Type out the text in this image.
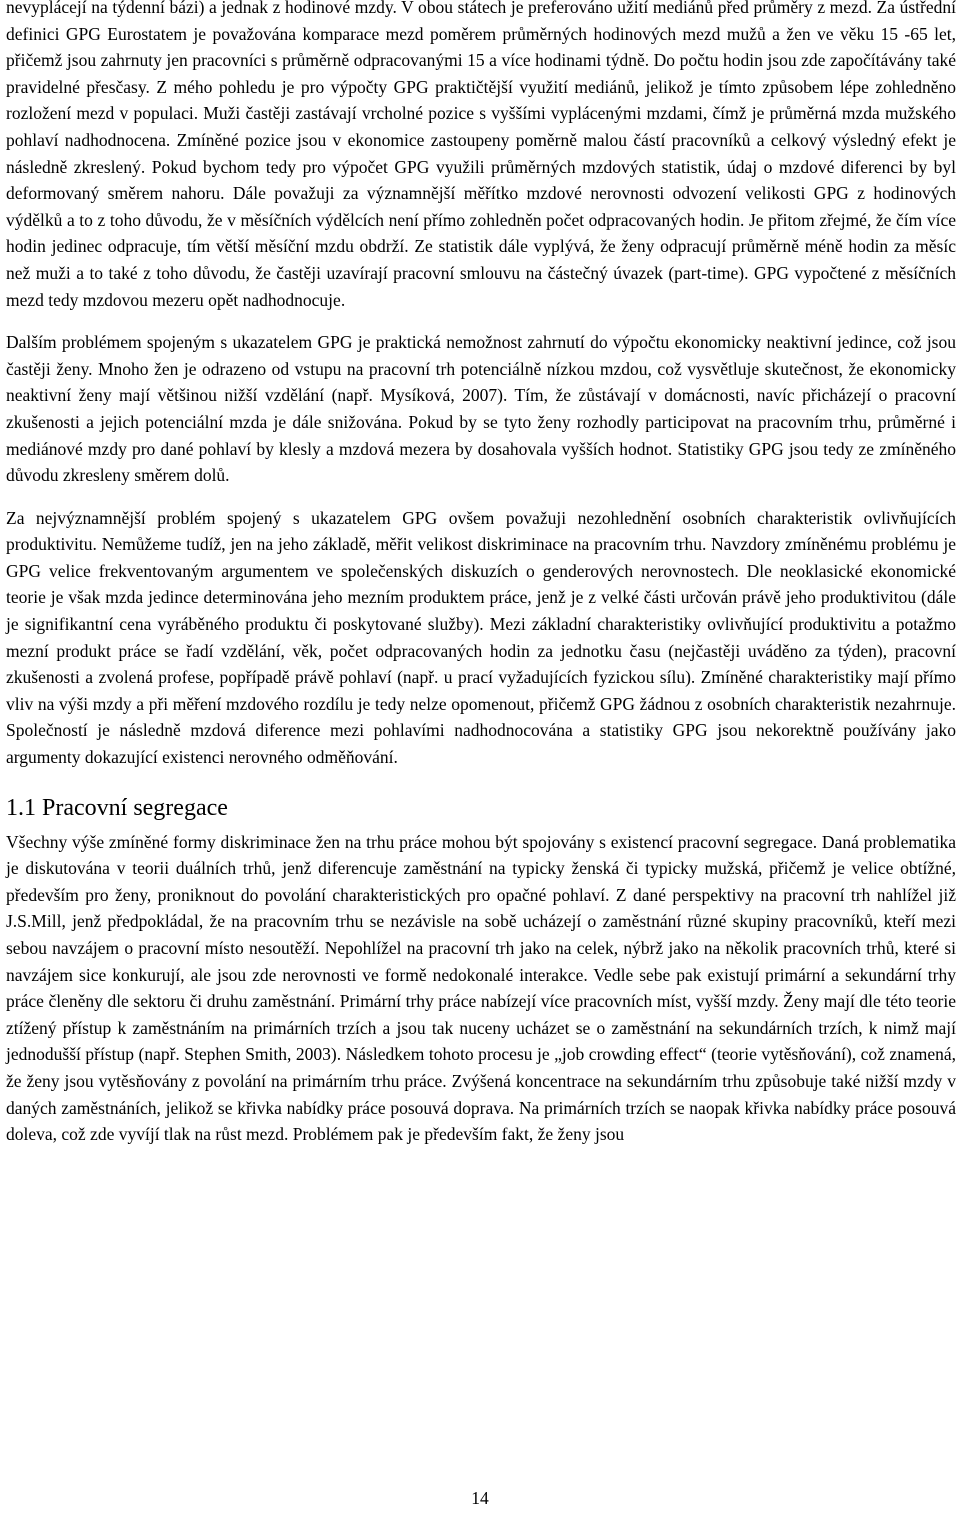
nevyplácejí na týdenní bázi) a jednak z hodinové mzdy. V obou státech je preferováno užití mediánů před průměry z mezd. Za ústřední definici GPG Eurostatem je považována komparace mezd poměrem průměrných hodinových mezd mužů a žen ve věku 15 -65 let, přičemž jsou zahrnuty jen pracovníci s průměrně odpracovanými 15 a více hodinami týdně. Do počtu hodin jsou zde započítávány také pravidelné přesčasy. Z mého pohledu je pro výpočty GPG praktičtější využití mediánů, jelikož je tímto způsobem lépe zohledněno rozložení mezd v populaci. Muži častěji zastávají vrcholné pozice s vyššími vyplácenými mzdami, čímž je průměrná mzda mužského pohlaví nadhodnocena. Zmíněné pozice jsou v ekonomice zastoupeny poměrně malou částí pracovníků a celkový výsledný efekt je následně zkreslený. Pokud bychom tedy pro výpočet GPG využili průměrných mzdových statistik, údaj o mzdové diferenci by byl deformovaný směrem nahoru. Dále považuji za významnější měřítko mzdové nerovnosti odvození velikosti GPG z hodinových výdělků a to z toho důvodu, že v měsíčních výdělcích není přímo zohledněn počet odpracovaných hodin. Je přitom zřejmé, že čím více hodin jedinec odpracuje, tím větší měsíční mzdu obdrží. Ze statistik dále vyplývá, že ženy odpracují průměrně méně hodin za měsíc než muži a to také z toho důvodu, že častěji uzavírají pracovní smlouvu na částečný úvazek (part-time). GPG vypočtené z měsíčních mezd tedy mzdovou mezeru opět nadhodnocuje.

Dalším problémem spojeným s ukazatelem GPG je praktická nemožnost zahrnutí do výpočtu ekonomicky neaktivní jedince, což jsou častěji ženy. Mnoho žen je odrazeno od vstupu na pracovní trh potenciálně nízkou mzdou, což vysvětluje skutečnost, že ekonomicky neaktivní ženy mají většinou nižší vzdělání (např. Mysíková, 2007). Tím, že zůstávají v domácnosti, navíc přicházejí o pracovní zkušenosti a jejich potenciální mzda je dále snižována. Pokud by se tyto ženy rozhodly participovat na pracovním trhu, průměrné i mediánové mzdy pro dané pohlaví by klesly a mzdová mezera by dosahovala vyšších hodnot. Statistiky GPG jsou tedy ze zmíněného důvodu zkresleny směrem dolů.

Za nejvýznamnější problém spojený s ukazatelem GPG ovšem považuji nezohlednění osobních charakteristik ovlivňujících produktivitu. Nemůžeme tudíž, jen na jeho základě, měřit velikost diskriminace na pracovním trhu. Navzdory zmíněnému problému je GPG velice frekventovaným argumentem ve společenských diskuzích o genderových nerovnostech. Dle neoklasické ekonomické teorie je však mzda jedince determinována jeho mezním produktem práce, jenž je z velké části určován právě jeho produktivitou (dále je signifikantní cena vyráběného produktu či poskytované služby). Mezi základní charakteristiky ovlivňující produktivitu a potažmo mezní produkt práce se řadí vzdělání, věk, počet odpracovaných hodin za jednotku času (nejčastěji uváděno za týden), pracovní zkušenosti a zvolená profese, popřípadě právě pohlaví (např. u prací vyžadujících fyzickou sílu). Zmíněné charakteristiky mají přímo vliv na výši mzdy a při měření mzdového rozdílu je tedy nelze opomenout, přičemž GPG žádnou z osobních charakteristik nezahrnuje. Společností je následně mzdová diference mezi pohlavími nadhodnocována a statistiky GPG jsou nekorektně používány jako argumenty dokazující existenci nerovného odměňování.

1.1 Pracovní segregace

Všechny výše zmíněné formy diskriminace žen na trhu práce mohou být spojovány s existencí pracovní segregace. Daná problematika je diskutována v teorii duálních trhů, jenž diferencuje zaměstnání na typicky ženská či typicky mužská, přičemž je velice obtížné, především pro ženy, proniknout do povolání charakteristických pro opačné pohlaví. Z dané perspektivy na pracovní trh nahlížel již J.S.Mill, jenž předpokládal, že na pracovním trhu se nezávisle na sobě ucházejí o zaměstnání různé skupiny pracovníků, kteří mezi sebou navzájem o pracovní místo nesoutěží. Nepohlížel na pracovní trh jako na celek, nýbrž jako na několik pracovních trhů, které si navzájem sice konkurují, ale jsou zde nerovnosti ve formě nedokonalé interakce. Vedle sebe pak existují primární a sekundární trhy práce členěny dle sektoru či druhu zaměstnání. Primární trhy práce nabízejí více pracovních míst, vyšší mzdy. Ženy mají dle této teorie ztížený přístup k zaměstnáním na primárních trzích a jsou tak nuceny ucházet se o zaměstnání na sekundárních trzích, k nimž mají jednodušší přístup (např. Stephen Smith, 2003). Následkem tohoto procesu je „job crowding effect“ (teorie vytěsňování), což znamená, že ženy jsou vytěsňovány z povolání na primárním trhu práce. Zvýšená koncentrace na sekundárním trhu způsobuje také nižší mzdy v daných zaměstnáních, jelikož se křivka nabídky práce posouvá doprava. Na primárních trzích se naopak křivka nabídky práce posouvá doleva, což zde vyvíjí tlak na růst mezd. Problémem pak je především fakt, že ženy jsou

14
